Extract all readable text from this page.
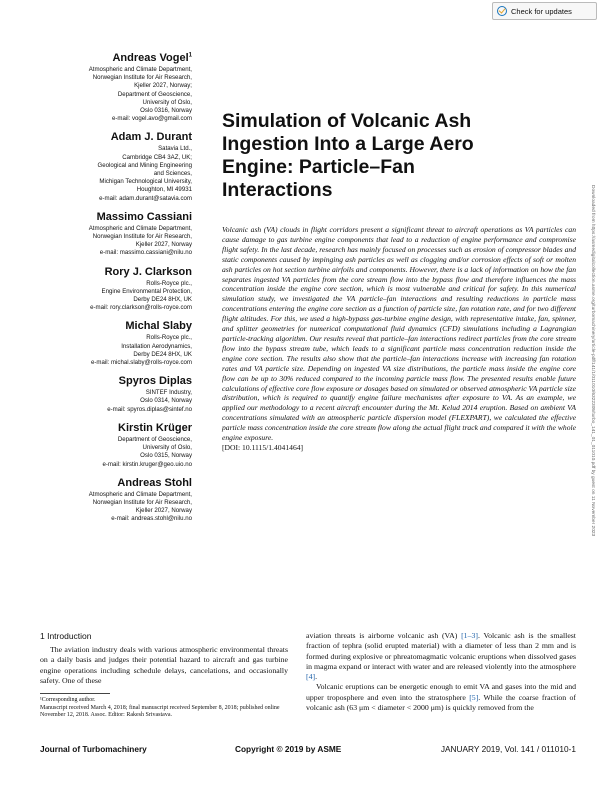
Check for updates
Andreas Vogel$^1$
Atmospheric and Climate Department,
Norwegian Institute for Air Research,
Kjeller 2027, Norway;
Department of Geoscience,
University of Oslo,
Oslo 0316, Norway
e-mail: vogel.avo@gmail.com
Adam J. Durant
Satavia Ltd.,
Cambridge CB4 3AZ, UK;
Geological and Mining Engineering
and Sciences,
Michigan Technological University,
Houghton, MI 49931
e-mail: adam.durant@satavia.com
Massimo Cassiani
Atmospheric and Climate Department,
Norwegian Institute for Air Research,
Kjeller 2027, Norway
e-mail: massimo.cassiani@nilu.no
Rory J. Clarkson
Rolls-Royce plc.,
Engine Environmental Protection,
Derby DE24 8HX, UK
e-mail: rory.clarkson@rolls-royce.com
Michal Slaby
Rolls-Royce plc.,
Installation Aerodynamics,
Derby DE24 8HX, UK
e-mail: michal.slaby@rolls-royce.com
Spyros Diplas
SINTEF Industry,
Oslo 0314, Norway
e-mail: spyros.diplas@sintef.no
Kirstin Krüger
Department of Geoscience,
University of Oslo,
Oslo 0315, Norway
e-mail: kirstin.kruger@geo.uio.no
Andreas Stohl
Atmospheric and Climate Department,
Norwegian Institute for Air Research,
Kjeller 2027, Norway
e-mail: andreas.stohl@nilu.no
Simulation of Volcanic Ash Ingestion Into a Large Aero Engine: Particle–Fan Interactions
Volcanic ash (VA) clouds in flight corridors present a significant threat to aircraft operations as VA particles can cause damage to gas turbine engine components that lead to a reduction of engine performance and compromise flight safety. In the last decade, research has mainly focused on processes such as erosion of compressor blades and static components caused by impinging ash particles as well as clogging and/or corrosion effects of soft or molten ash particles on hot section turbine airfoils and components. However, there is a lack of information on how the fan separates ingested VA particles from the core stream flow into the bypass flow and therefore influences the mass concentration inside the engine core section, which is most vulnerable and critical for safety. In this numerical simulation study, we investigated the VA particle–fan interactions and resulting reductions in particle mass concentrations entering the engine core section as a function of particle size, fan rotation rate, and for two different flight altitudes. For this, we used a high-bypass gas-turbine engine design, with representative intake, fan, spinner, and splitter geometries for numerical computational fluid dynamics (CFD) simulations including a Lagrangian particle-tracking algorithm. Our results reveal that particle–fan interactions redirect particles from the core stream flow into the bypass stream tube, which leads to a significant particle mass concentration reduction inside the engine core section. The results also show that the particle–fan interactions increase with increasing fan rotation rates and VA particle size. Depending on ingested VA size distributions, the particle mass inside the engine core flow can be up to 30% reduced compared to the incoming particle mass flow. The presented results enable future calculations of effective core flow exposure or dosages based on simulated or observed atmospheric VA particle size distribution, which is required to quantify engine failure mechanisms after exposure to VA. As an example, we applied our methodology to a recent aircraft encounter during the Mt. Kelud 2014 eruption. Based on ambient VA concentrations simulated with an atmospheric particle dispersion model (FLEXPART), we calculated the effective particle mass concentration inside the core stream flow along the actual flight track and compared it with the whole engine exposure.
[DOI: 10.1115/1.4041464]	Downloaded from https://asmedigitalcollection.asme.org/turbomachinery/article-pdf/141/1/011010/6322305/turbo_141_01_011010.pdf by guest on 11 November 2023
1 Introduction

The aviation industry deals with various atmospheric environmental threats on a daily basis and judges their potential hazard to aircraft and gas turbine engine operations including schedule delays, cancelations, and occasionally safety. One of these

¹Corresponding author.

Manuscript received March 4, 2018; final manuscript received September 8, 2018; published online November 12, 2018. Assoc. Editor: Rakesh Srivastava.

aviation threats is airborne volcanic ash (VA) [1–3]. Volcanic ash is the smallest fraction of tephra (solid erupted material) with a diameter of less than 2 mm and is formed during explosive or phreatomagmatic volcanic eruptions when dissolved gases in magma expand or interact with water and are released violently into the atmosphere [4].

Volcanic eruptions can be energetic enough to emit VA and gases into the mid and upper troposphere and even into the stratosphere [5]. While the coarse fraction of volcanic ash (63 μm < diameter < 2000 μm) is quickly removed from the

Journal of Turbomachinery	Copyright © 2019 by ASME	JANUARY 2019, Vol. 141 / 011010-1
